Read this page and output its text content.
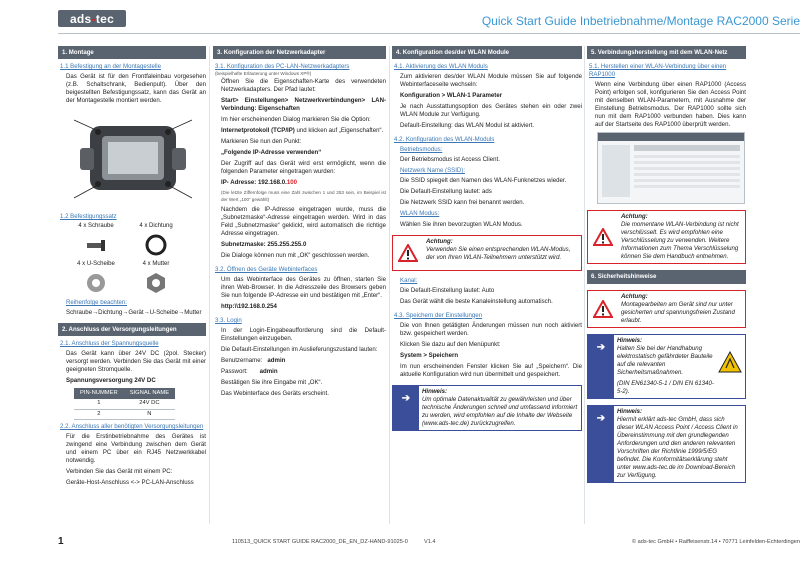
ads - tec	Quick Start Guide Inbetriebnahme/Montage RAC2000 Serie
1. Montage
1.1 Befestigung an der Montagestelle
Das Gerät ist für den Frontfaleinbau vorgesehen (z.B. Schaltschrank, Bedienpult). Über den beigestellten Befestigungssatz, kann das Gerät an der Montagestelle montiert werden.
1.2 Befestigungssatz
4 x Schraube	4 x Dichtung
4 x U-Scheibe	4 x Mutter
Reihenfolge beachten:
Schraube→Dichtung→Gerät→U-Scheibe→Mutter
2. Anschluss der Versorgungsleitungen
2.1. Anschluss der Spannungsquelle
Das Gerät kann über 24V DC (2pol. Stecker) versorgt werden. Verbinden Sie das Gerät mit einer geeigneten Stromquelle.
Spannungsversorgung 24V DC
PIN-NUMMER	SIGNAL NAME
1	24V DC
2	N
2.2. Anschluss aller benötigten Versorgungsleitungen
Für die Erstinbetriebnahme des Gerätes ist zwingend eine Verbindung zwischen dem Gerät und einem PC über ein RJ45 Netzwerkkabel notwendig.
Verbinden Sie das Gerät mit einem PC:
Geräte-Host-Anschluss <-> PC-LAN-Anschluss
3. Konfiguration der Netzwerkadapter
3.1. Konfiguration des PC-LAN-Netzwerkadapters
(beispielhafte Erläuterung unter Windows XP®)
Öffnen Sie die Eigenschaften-Karte des verwendeten Netzwerkadapters. Der Pfad lautet:
Start> Einstellungen> Netzwerkverbindungen> LAN-Verbindung: Eigenschaften
Im hier erscheinenden Dialog markieren Sie die Option:
Internetprotokoll (TCP/IP) und klicken auf „Eigenschaften“.
Markieren Sie nun den Punkt:
„Folgende IP-Adresse verwenden“
Der Zugriff auf das Gerät wird erst ermöglicht, wenn die folgenden Parameter eingetragen wurden:
IP- Adresse: 192.168.0.100
(Die letzte Ziffernfolge muss eine Zahl zwischen 1 und 253 sein, im Beispiel ist der Wert „100“ gewählt)
Nachdem die IP-Adresse eingetragen wurde, muss die „Subnetzmaske“-Adresse eingetragen werden. Wird in das Feld „Subnetzmaske“ geklickt, wird automatisch die richtige Adresse eingetragen.
Subnetzmaske: 255.255.255.0
Die Dialoge können nun mit „OK“ geschlossen werden.
3.2. Öffnen des Geräte Webinterfaces
Um das Webinterface des Gerätes zu öffnen, starten Sie ihren Web-Browser. In die Adresszeile des Browsers geben Sie nun folgende IP-Adresse ein und bestätigen mit „Enter“.
http:\\192.168.0.254
3.3. Login
In der Login-Eingabeaufforderung sind die Default-Einstellungen einzugeben.
Die Default-Einstellungen im Auslieferungszustand lauten:
Benutzername: admin
Passwort: admin
Bestätigen Sie ihre Eingabe mit „OK“.
Das Webinterface des Geräts erscheint.
4. Konfiguration des/der WLAN Module
4.1. Aktivierung des WLAN Moduls
Zum aktivieren des/der WLAN Module müssen Sie auf folgende Webinterfaceseite wechseln:
Konfiguration > WLAN-1 Parameter
Je nach Ausstattungsoption des Gerätes stehen ein oder zwei WLAN Module zur Verfügung.
Default-Einstellung: das WLAN Modul ist aktiviert.
4.2. Konfiguration des WLAN-Moduls
Betriebsmodus:
Der Betriebsmodus ist Access Client.
Netzwerk Name (SSID):
Die SSID spiegelt den Namen des WLAN-Funknetzes wieder.
Die Default-Einstellung lautet: ads
Die Netzwerk SSID kann frei benannt werden.
WLAN Modus:
Wählen Sie ihren bevorzugten WLAN Modus.
Achtung:
Verwenden Sie einen entsprechenden WLAN-Modus, der von Ihren WLAN-Teilnehmern unterstützt wird.
Kanal:
Die Default-Einstellung lautet: Auto
Das Gerät wählt die beste Kanaleinstellung automatisch.
4.3. Speichern der Einstellungen
Die von Ihnen getätigten Änderungen müssen nun noch aktiviert bzw. gespeichert werden.
Klicken Sie dazu auf den Menüpunkt:
System > Speichern
Im nun erscheinenden Fenster klicken Sie auf „Speichern“. Die aktuelle Konfiguration wird nun übermittelt und gespeichert.
➔
Hinweis:
Um optimale Datenaktualität zu gewährleisten und über technische Änderungen schnell und umfassend informiert zu werden, wird empfohlen auf die Inhalte der Webseite (www.ads-tec.de) zurückzugreifen.
5. Verbindungsherstellung mit dem WLAN-Netz
5.1. Herstellen einer WLAN-Verbindung über einen RAP1000
Wenn eine Verbindung über einen RAP1000 (Access Point) erfolgen soll, konfigurieren Sie den Access Point mit denselben WLAN-Parametern, mit Ausnahme der Einstellung Betriebsmodus. Der RAP1000 sollte sich nun mit dem RAP1000 verbunden haben. Dies kann auf der Startseite des RAP1000 überprüft werden.
Achtung:
Die momentane WLAN-Verbindung ist nicht verschlüsselt. Es wird empfohlen eine Verschlüsselung zu verwenden. Weitere Informationen zum Thema Verschlüsselung können Sie dem Handbuch entnehmen.
6. Sicherheitshinweise
Achtung:
Montagearbeiten am Gerät sind nur unter gesicherten und spannungsfreien Zustand erlaubt.
➔
Hinweis:
Halten Sie bei der Handhabung elektrostatisch gefährdeter Bauteile auf die relevanten Sicherheitsmaßnahmen.
(DIN EN61340-5-1 / DIN EN 61340-5-2).
➔
Hinweis:
Hiermit erklärt ads-tec GmbH, dass sich dieser WLAN Access Point / Access Client in Übereinstimmung mit den grundlegenden Anforderungen und den anderen relevanten Vorschriften der Richtlinie 1999/5/EG befindet. Die Konformitätserklärung steht unter www.ads-tec.de im Download-Bereich zur Verfügung.
1	110513_QUICK START GUIDE RAC2000_DE_EN_DZ-HAND-91025-0	V1.4	© ads-tec GmbH • Raiffeisenstr.14 • 70771 Leinfelden-Echterdingen
